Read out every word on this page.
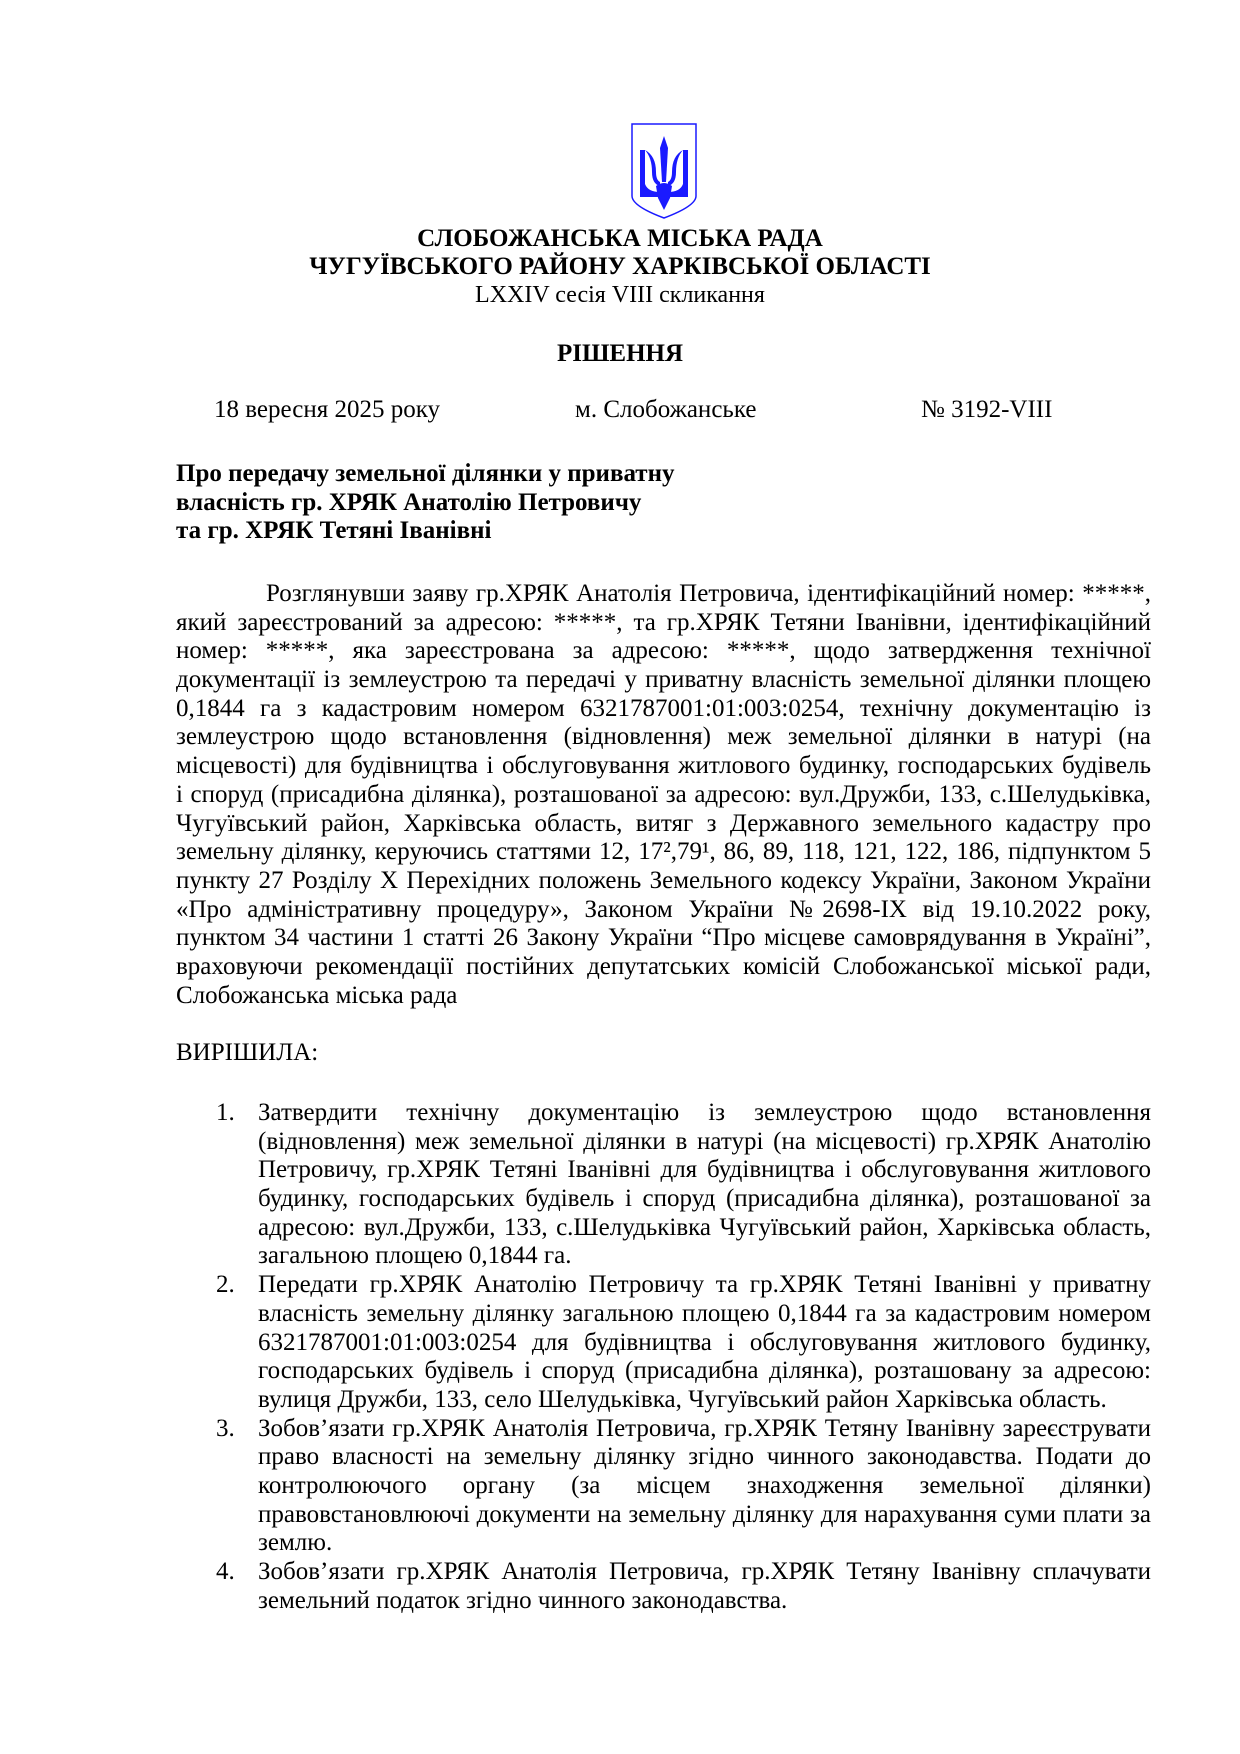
СЛОБОЖАНСЬКА МІСЬКА РАДА
ЧУГУЇВСЬКОГО РАЙОНУ ХАРКІВСЬКОЇ ОБЛАСТІ
LXXIV сесія VIII скликання
РІШЕННЯ
18 вересня 2025 року	м. Слобожанське	№ 3192-VIII
Про передачу земельної ділянки у приватну
власність гр. ХРЯК Анатолію Петровичу
та гр. ХРЯК Тетяні Іванівні
Розглянувши заяву гр.ХРЯК Анатолія Петровича, ідентифікаційний номер: *****,
який зареєстрований за адресою: *****, та гр.ХРЯК Тетяни Іванівни, ідентифікаційний
номер: *****, яка зареєстрована за адресою: *****, щодо затвердження технічної
документації із землеустрою та передачі у приватну власність земельної ділянки площею
0,1844 га з кадастровим номером 6321787001:01:003:0254, технічну документацію із
землеустрою щодо встановлення (відновлення) меж земельної ділянки в натурі (на
місцевості) для будівництва і обслуговування житлового будинку, господарських будівель
і споруд (присадибна ділянка), розташованої за адресою: вул.Дружби, 133, с.Шелудьківка,
Чугуївський район, Харківська область, витяг з Державного земельного кадастру про
земельну ділянку, керуючись статтями 12, 17²,79¹, 86, 89, 118, 121, 122, 186, підпунктом 5
пункту 27 Розділу Х Перехідних положень Земельного кодексу України, Законом України
«Про адміністративну процедуру», Законом України №2698-IX від 19.10.2022 року,
пунктом 34 частини 1 статті 26 Закону України “Про місцеве самоврядування в Україні”,
враховуючи рекомендації постійних депутатських комісій Слобожанської міської ради,
Слобожанська міська рада
ВИРІШИЛА:
1. Затвердити технічну документацію із землеустрою щодо встановлення
(відновлення) меж земельної ділянки в натурі (на місцевості) гр.ХРЯК Анатолію
Петровичу, гр.ХРЯК Тетяні Іванівні для будівництва і обслуговування житлового
будинку, господарських будівель і споруд (присадибна ділянка), розташованої за
адресою: вул.Дружби, 133, с.Шелудьківка Чугуївський район, Харківська область,
загальною площею 0,1844 га.
2. Передати гр.ХРЯК Анатолію Петровичу та гр.ХРЯК Тетяні Іванівні у приватну
власність земельну ділянку загальною площею 0,1844 га за кадастровим номером
6321787001:01:003:0254 для будівництва і обслуговування житлового будинку,
господарських будівель і споруд (присадибна ділянка), розташовану за адресою:
вулиця Дружби, 133, село Шелудьківка, Чугуївський район Харківська область.
3. Зобов’язати гр.ХРЯК Анатолія Петровича, гр.ХРЯК Тетяну Іванівну зареєструвати
право власності на земельну ділянку згідно чинного законодавства. Подати до
контролюючого органу (за місцем знаходження земельної ділянки)
правовстановлюючі документи на земельну ділянку для нарахування суми плати за
землю.
4. Зобов’язати гр.ХРЯК Анатолія Петровича, гр.ХРЯК Тетяну Іванівну сплачувати
земельний податок згідно чинного законодавства.
